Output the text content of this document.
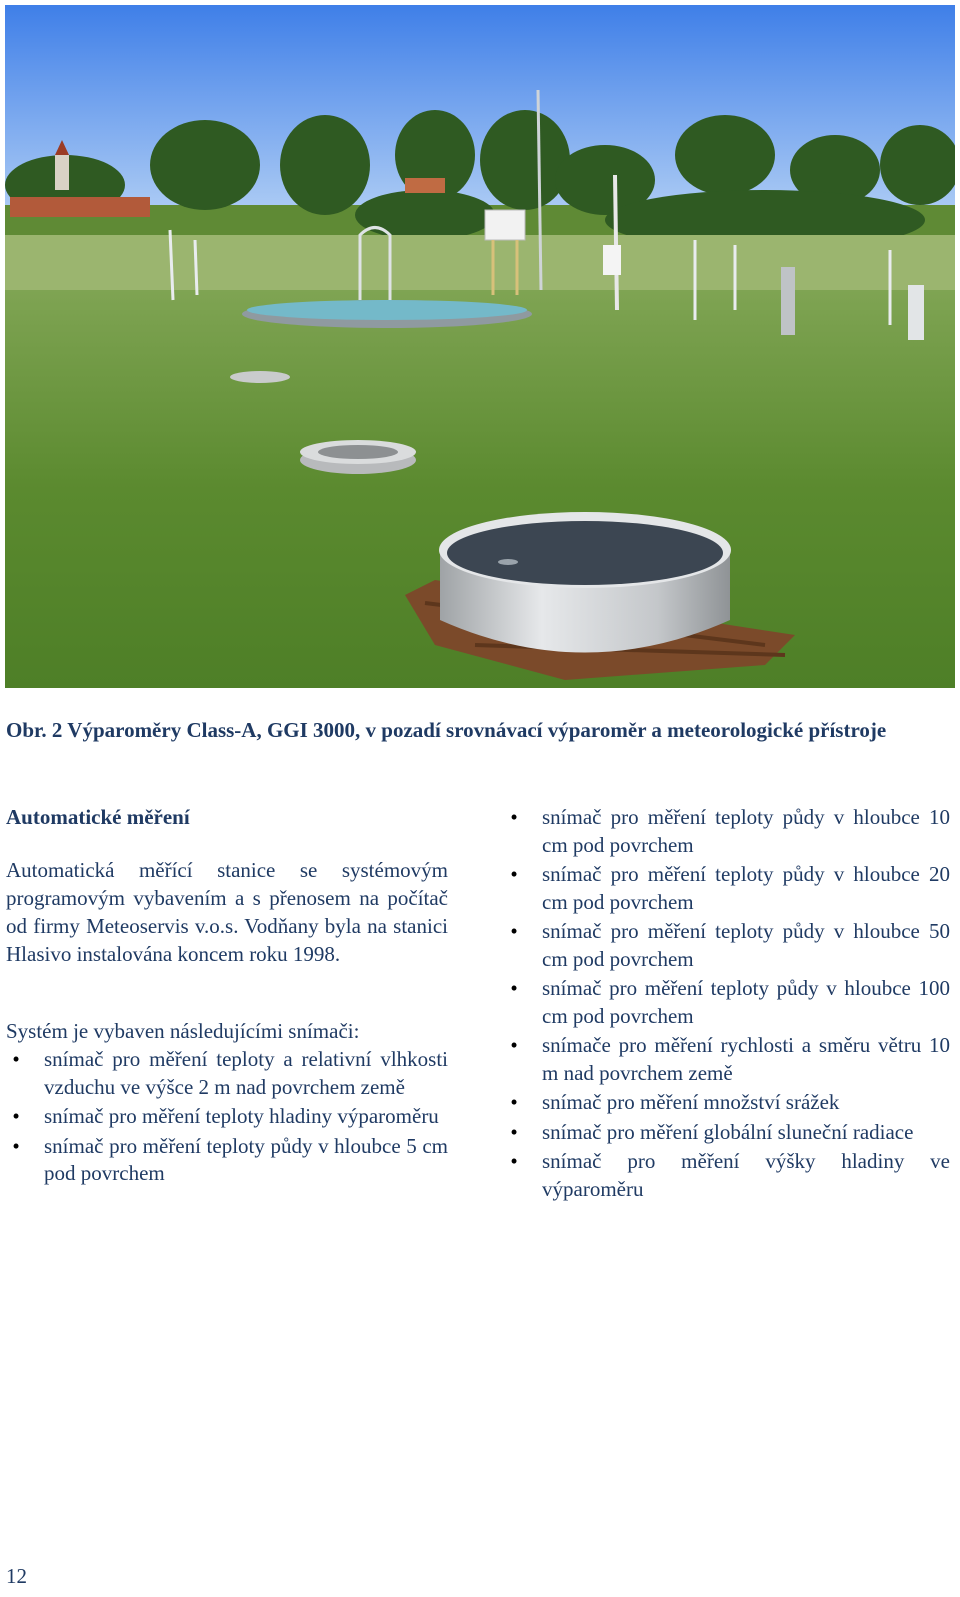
Obr. 2 Výparoměry Class-A, GGI 3000, v pozadí srovnávací výparoměr a meteorologické přístroje
Automatické měření
Automatická měřící stanice se systémovým programovým vybavením a s přenosem na počítač od firmy Meteoservis v.o.s. Vodňany byla na stanici Hlasivo instalována koncem roku 1998.
Systém je vybaven následujícími snímači:
•	snímač pro měření teploty a relativní vlhkosti vzduchu ve výšce 2 m nad povrchem země
•	snímač pro měření teploty hladiny výparoměru
•	snímač pro měření teploty půdy v hloubce 5 cm pod povrchem
•	snímač pro měření teploty půdy v hloubce 10 cm pod povrchem
•	snímač pro měření teploty půdy v hloubce 20 cm pod povrchem
•	snímač pro měření teploty půdy v hloubce 50 cm pod povrchem
•	snímač pro měření teploty půdy v hloubce 100 cm pod povrchem
•	snímače pro měření rychlosti a směru větru 10 m nad povrchem země
•	snímač pro měření množství srážek
•	snímač pro měření globální sluneční radiace
•	snímač pro měření výšky hladiny ve výparoměru
12
